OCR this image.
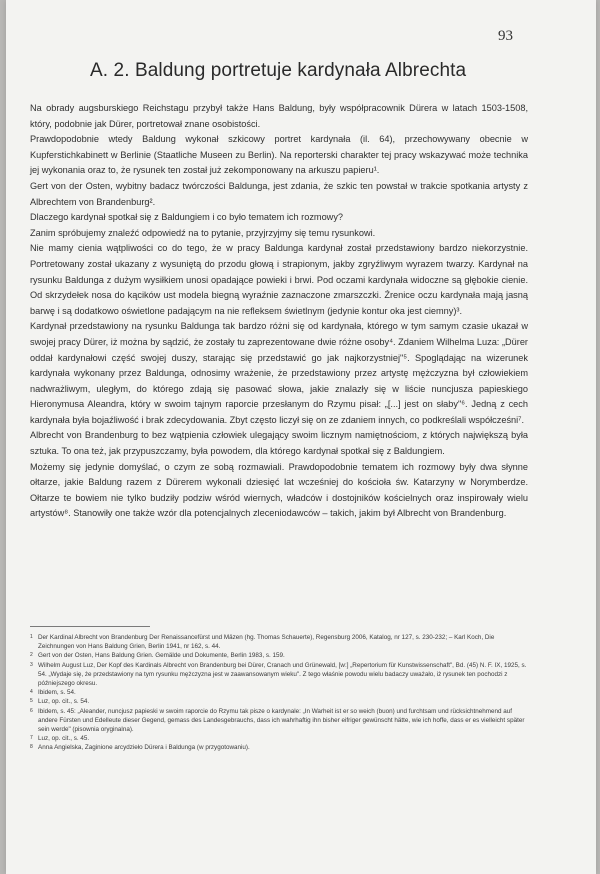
93
A. 2. Baldung portretuje kardynała Albrechta

Na obrady augsburskiego Reichstagu przybył także Hans Baldung, były współpracownik Dürera w latach 1503-1508, który, podobnie jak Dürer, portretował znane osobistości.

Prawdopodobnie wtedy Baldung wykonał szkicowy portret kardynała (il. 64), przechowywany obecnie w Kupferstichkabinett w Berlinie (Staatliche Museen zu Berlin). Na reporterski charakter tej pracy wskazywać może technika jej wykonania oraz to, że rysunek ten został już zekomponowany na arkuszu papieru¹.

Gert von der Osten, wybitny badacz twórczości Baldunga, jest zdania, że szkic ten powstał w trakcie spotkania artysty z Albrechtem von Brandenburg².

Dlaczego kardynał spotkał się z Baldungiem i co było tematem ich rozmowy?

Zanim spróbujemy znaleźć odpowiedź na to pytanie, przyjrzyjmy się temu rysunkowi.

Nie mamy cienia wątpliwości co do tego, że w pracy Baldunga kardynał został przedstawiony bardzo niekorzystnie. Portretowany został ukazany z wysuniętą do przodu głową i strapionym, jakby zgryźliwym wyrazem twarzy. Kardynał na rysunku Baldunga z dużym wysiłkiem unosi opadające powieki i brwi. Pod oczami kardynała widoczne są głębokie cienie. Od skrzydełek nosa do kącików ust modela biegną wyraźnie zaznaczone zmarszczki. Źrenice oczu kardynała mają jasną barwę i są dodatkowo oświetlone padającym na nie refleksem świetlnym (jedynie kontur oka jest ciemny)³.

Kardynał przedstawiony na rysunku Baldunga tak bardzo różni się od kardynała, którego w tym samym czasie ukazał w swojej pracy Dürer, iż można by sądzić, że zostały tu zaprezentowane dwie różne osoby⁴. Zdaniem Wilhelma Luza: „Dürer oddał kardynałowi część swojej duszy, starając się przedstawić go jak najkorzystniej"⁵. Spoglądając na wizerunek kardynała wykonany przez Baldunga, odnosimy wrażenie, że przedstawiony przez artystę mężczyzna był człowiekiem nadwrażliwym, uległym, do którego zdają się pasować słowa, jakie znalazły się w liście nuncjusza papieskiego Hieronymusa Aleandra, który w swoim tajnym raporcie przesłanym do Rzymu pisał: „[...] jest on słaby"⁶. Jedną z cech kardynała była bojaźliwość i brak zdecydowania. Zbyt często liczył się on ze zdaniem innych, co podkreślali współcześni⁷.

Albrecht von Brandenburg to bez wątpienia człowiek ulegający swoim licznym namiętnościom, z których największą była sztuka. To ona też, jak przypuszczamy, była powodem, dla którego kardynał spotkał się z Baldungiem.

Możemy się jedynie domyślać, o czym ze sobą rozmawiali. Prawdopodobnie tematem ich rozmowy były dwa słynne ołtarze, jakie Baldung razem z Dürerem wykonali dziesięć lat wcześniej do kościoła św. Katarzyny w Norymberdze. Ołtarze te bowiem nie tylko budziły podziw wśród wiernych, władców i dostojników kościelnych oraz inspirowały wielu artystów⁸. Stanowiły one także wzór dla potencjalnych zleceniodawców – takich, jakim był Albrecht von Brandenburg.

1 Der Kardinal Albrecht von Brandenburg Der Renaissancefürst und Mäzen (hg. Thomas Schauerte), Regensburg 2006, Katalog, nr 127, s. 230-232; – Karl Koch, Die Zeichnungen von Hans Baldung Grien, Berlin 1941, nr 162, s. 44.
2 Gert von der Osten, Hans Baldung Grien. Gemälde und Dokumente, Berlin 1983, s. 159.
3 Wilhelm August Luz, Der Kopf des Kardinals Albrecht von Brandenburg bei Dürer, Cranach und Grünewald, [w:] „Repertorium für Kunstwissenschaft", Bd. (45) N. F. IX, 1925, s. 54. „Wydaje się, że przedstawiony na tym rysunku mężczyzna jest w zaawansowanym wieku". Z tego właśnie powodu wielu badaczy uważało, iż rysunek ten pochodzi z późniejszego okresu.
4 Ibidem, s. 54.
5 Luz, op. cit., s. 54.
6 Ibidem, s. 45: „Aleander, nuncjusz papieski w swoim raporcie do Rzymu tak pisze o kardynale: „In Warheit ist er so weich (buon) und furchtsam und rücksichtnehmend auf andere Fürsten und Edelleute dieser Gegend, gemass des Landesgebrauchs, dass ich wahrhaftig ihn bisher eifriger gewünscht hätte, wie ich hoffe, dass er es vielleicht später sein werde" (pisownia oryginalna).
7 Luz, op. cit., s. 45.
8 Anna Angielska, Zaginione arcydzieło Dürera i Baldunga (w przygotowaniu).
